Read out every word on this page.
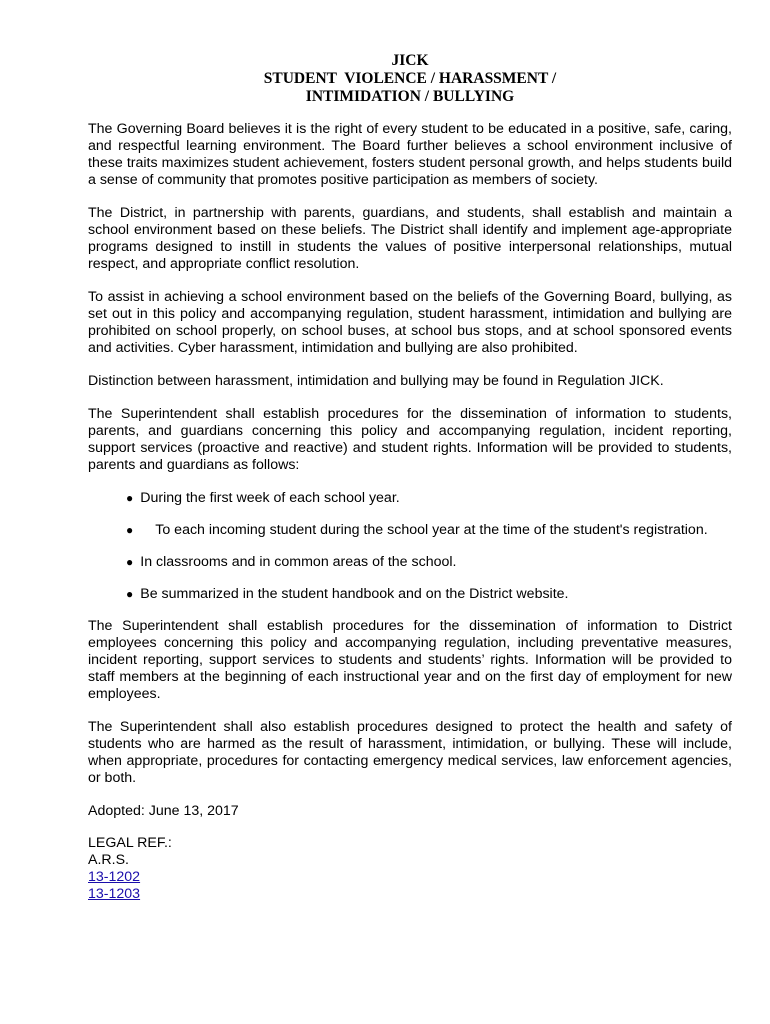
JICK
STUDENT  VIOLENCE / HARASSMENT /
INTIMIDATION / BULLYING

The Governing Board believes it is the right of every student to be educated in a positive, safe, caring, and respectful learning environment. The Board further believes a school environment inclusive of these traits maximizes student achievement, fosters student personal growth, and helps students build a sense of community that promotes positive participation as members of society.

The District, in partnership with parents, guardians, and students, shall establish and maintain a school environment based on these beliefs. The District shall identify and implement age-appropriate programs designed to instill in students the values of positive interpersonal relationships, mutual respect, and appropriate conflict resolution.

To assist in achieving a school environment based on the beliefs of the Governing Board, bullying, as set out in this policy and accompanying regulation, student harassment, intimidation and bullying are prohibited on school properly, on school buses, at school bus stops, and at school sponsored events and activities. Cyber harassment, intimidation and bullying are also prohibited.

Distinction between harassment, intimidation and bullying may be found in Regulation JICK.

The Superintendent shall establish procedures for the dissemination of information to students, parents, and guardians concerning this policy and accompanying regulation, incident reporting, support services (proactive and reactive) and student rights. Information will be provided to students, parents and guardians as follows:

● During the first week of each school year.
● To each incoming student during the school year at the time of the student's registration.
● In classrooms and in common areas of the school.
● Be summarized in the student handbook and on the District website.

The Superintendent shall establish procedures for the dissemination of information to District employees concerning this policy and accompanying regulation, including preventative measures, incident reporting, support services to students and students’ rights. Information will be provided to staff members at the beginning of each instructional year and on the first day of employment for new employees.

The Superintendent shall also establish procedures designed to protect the health and safety of students who are harmed as the result of harassment, intimidation, or bullying. These will include, when appropriate, procedures for contacting emergency medical services, law enforcement agencies, or both.

Adopted: June 13, 2017
LEGAL REF.:
A.R.S.
13-1202
13-1203
